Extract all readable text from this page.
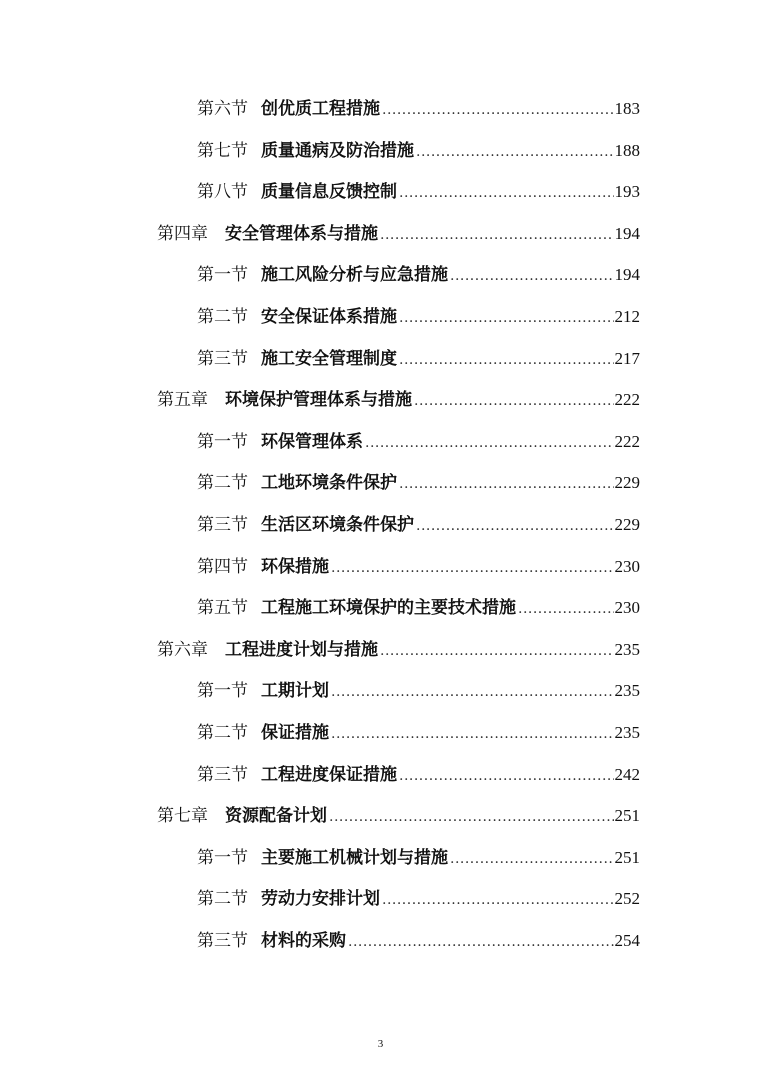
第六节 创优质工程措施 .....	183
第七节 质量通病及防治措施 .....	188
第八节 质量信息反馈控制 .....	193
第四章	安全管理体系与措施 .....	194
第一节 施工风险分析与应急措施 .....	194
第二节 安全保证体系措施 .....	212
第三节 施工安全管理制度 .....	217
第五章	环境保护管理体系与措施 .....	222
第一节 环保管理体系 .....	222
第二节 工地环境条件保护 .....	229
第三节 生活区环境条件保护 .....	229
第四节 环保措施 .....	230
第五节 工程施工环境保护的主要技术措施 .....	230
第六章	工程进度计划与措施 .....	235
第一节 工期计划 .....	235
第二节 保证措施 .....	235
第三节 工程进度保证措施 .....	242
第七章	资源配备计划 .....	251
第一节 主要施工机械计划与措施 .....	251
第二节 劳动力安排计划 .....	252
第三节 材料的采购 .....	254
3
